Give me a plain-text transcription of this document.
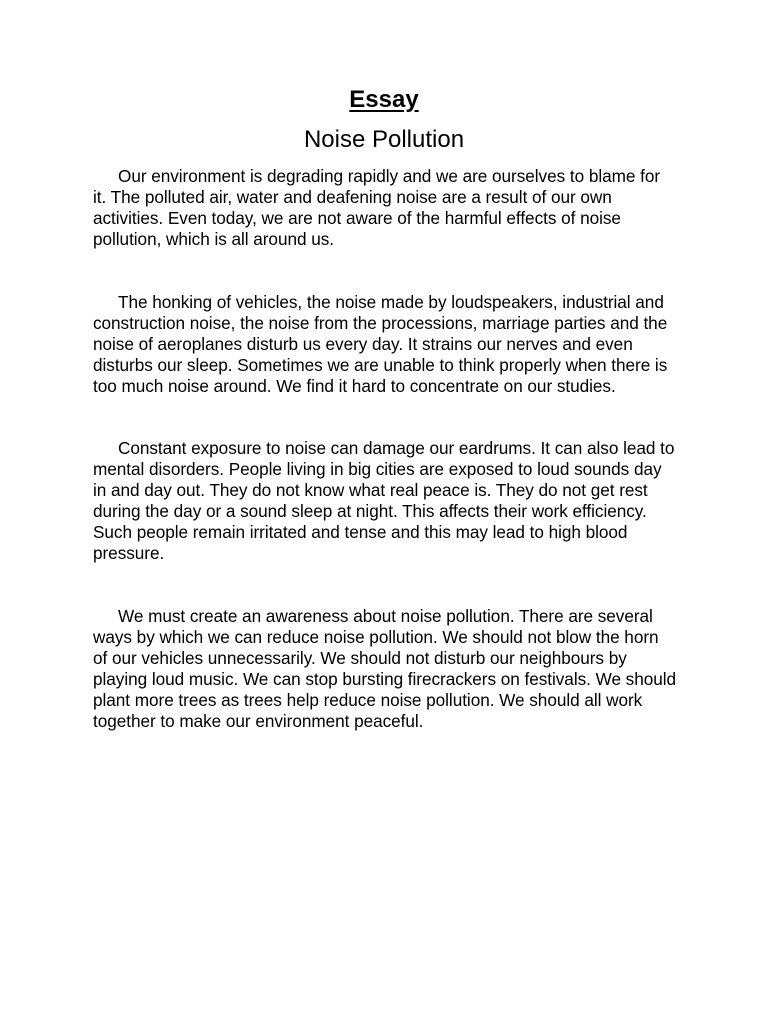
Essay
Noise Pollution

Our environment is degrading rapidly and we are ourselves to blame for it. The polluted air, water and deafening noise are a result of our own activities. Even today, we are not aware of the harmful effects of noise pollution, which is all around us.

The honking of vehicles, the noise made by loudspeakers, industrial and construction noise, the noise from the processions, marriage parties and the noise of aeroplanes disturb us every day. It strains our nerves and even disturbs our sleep. Sometimes we are unable to think properly when there is too much noise around. We find it hard to concentrate on our studies.

Constant exposure to noise can damage our eardrums. It can also lead to mental disorders. People living in big cities are exposed to loud sounds day in and day out. They do not know what real peace is. They do not get rest during the day or a sound sleep at night. This affects their work efficiency. Such people remain irritated and tense and this may lead to high blood pressure.

We must create an awareness about noise pollution. There are several ways by which we can reduce noise pollution. We should not blow the horn of our vehicles unnecessarily. We should not disturb our neighbours by playing loud music. We can stop bursting firecrackers on festivals. We should plant more trees as trees help reduce noise pollution. We should all work together to make our environment peaceful.
